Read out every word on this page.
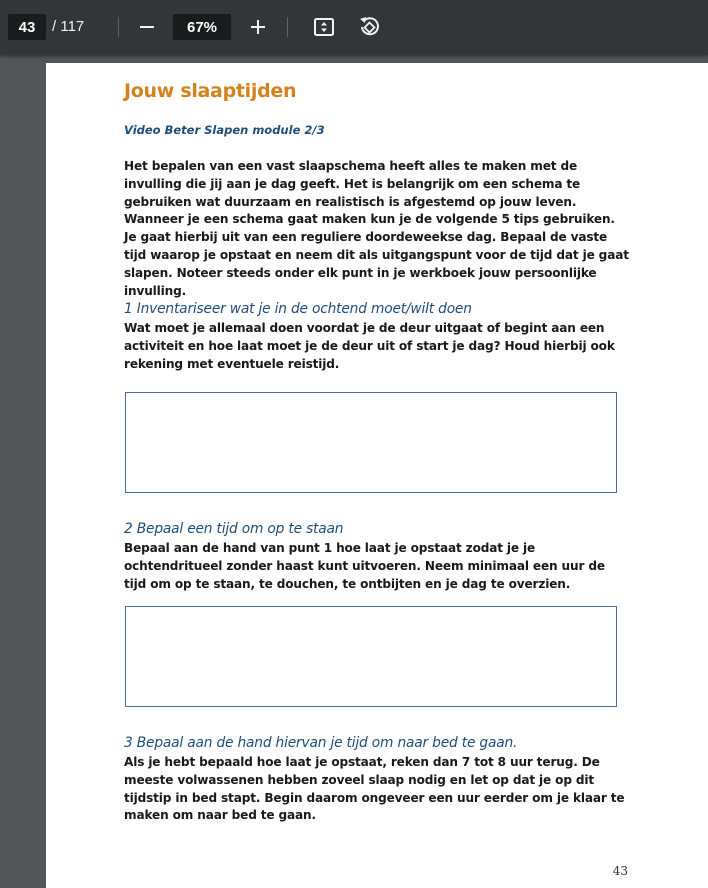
43	/ 117	67%
Jouw slaaptijden
Video Beter Slapen module 2/3
Het bepalen van een vast slaapschema heeft alles te maken met de invulling die jij aan je dag geeft. Het is belangrijk om een schema te gebruiken wat duurzaam en realistisch is afgestemd op jouw leven. Wanneer je een schema gaat maken kun je de volgende 5 tips gebruiken. Je gaat hierbij uit van een reguliere doordeweekse dag. Bepaal de vaste tijd waarop je opstaat en neem dit als uitgangspunt voor de tijd dat je gaat slapen. Noteer steeds onder elk punt in je werkboek jouw persoonlijke invulling.
1 Inventariseer wat je in de ochtend moet/wilt doen
Wat moet je allemaal doen voordat je de deur uitgaat of begint aan een activiteit en hoe laat moet je de deur uit of start je dag? Houd hierbij ook rekening met eventuele reistijd.
2 Bepaal een tijd om op te staan
Bepaal aan de hand van punt 1 hoe laat je opstaat zodat je je ochtendritueel zonder haast kunt uitvoeren. Neem minimaal een uur de tijd om op te staan, te douchen, te ontbijten en je dag te overzien.
3 Bepaal aan de hand hiervan je tijd om naar bed te gaan.
Als je hebt bepaald hoe laat je opstaat, reken dan 7 tot 8 uur terug. De meeste volwassenen hebben zoveel slaap nodig en let op dat je op dit tijdstip in bed stapt. Begin daarom ongeveer een uur eerder om je klaar te maken om naar bed te gaan.
43
